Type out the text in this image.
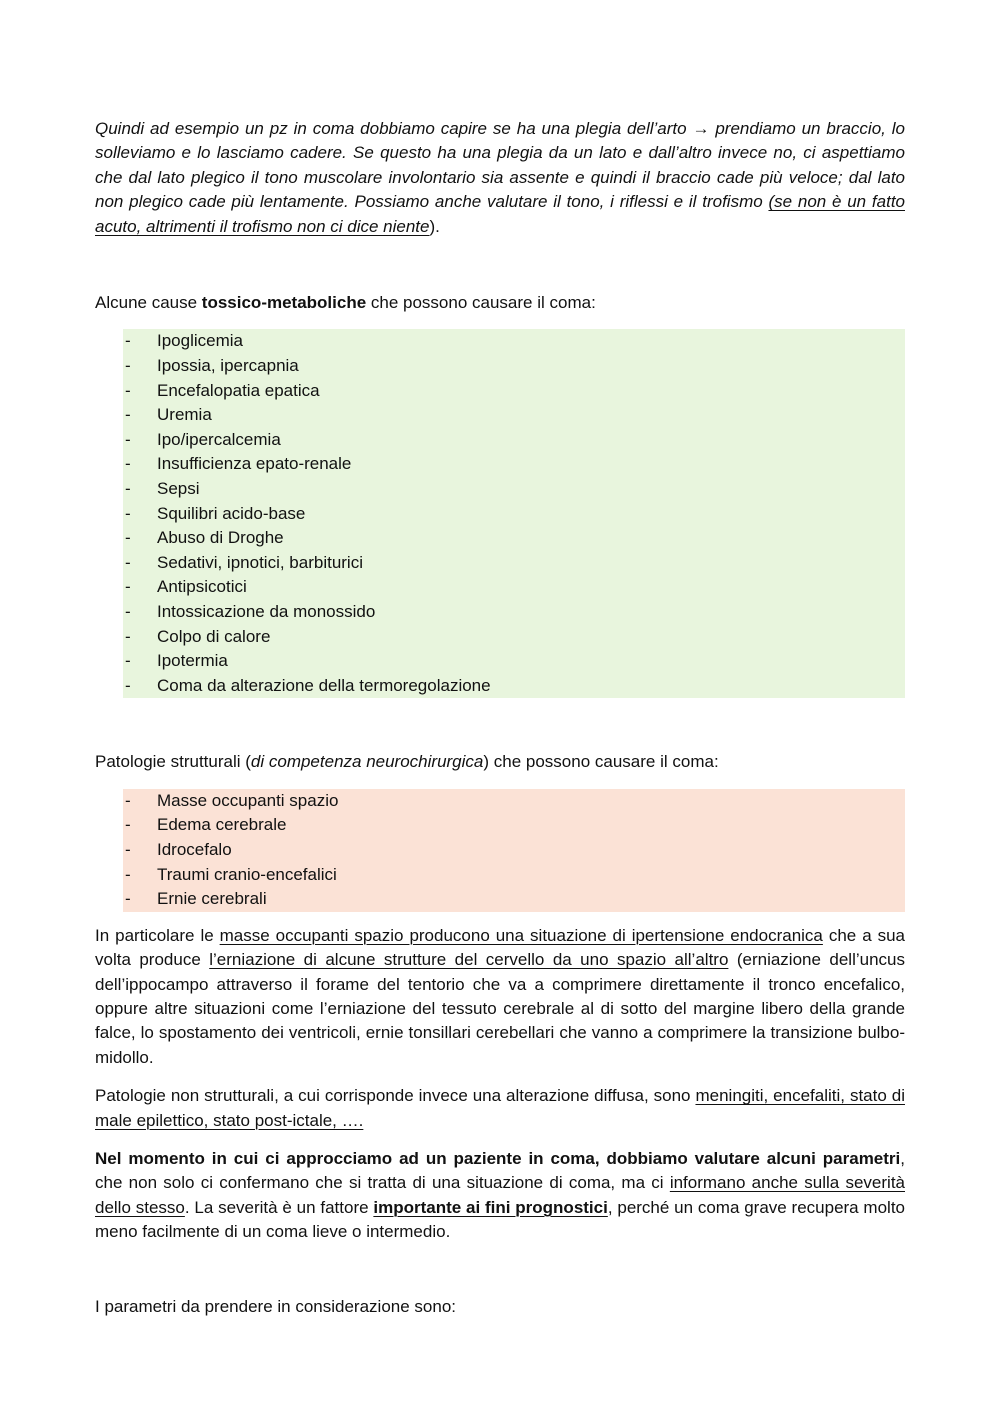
Quindi ad esempio un pz in coma dobbiamo capire se ha una plegia dell’arto → prendiamo un braccio, lo solleviamo e lo lasciamo cadere. Se questo ha una plegia da un lato e dall’altro invece no, ci aspettiamo che dal lato plegico il tono muscolare involontario sia assente e quindi il braccio cade più veloce; dal lato non plegico cade più lentamente. Possiamo anche valutare il tono, i riflessi e il trofismo (se non è un fatto acuto, altrimenti il trofismo non ci dice niente).

Alcune cause tossico-metaboliche che possono causare il coma:

-	Ipoglicemia
-	Ipossia, ipercapnia
-	Encefalopatia epatica
-	Uremia
-	Ipo/ipercalcemia
-	Insufficienza epato-renale
-	Sepsi
-	Squilibri acido-base
-	Abuso di Droghe
-	Sedativi, ipnotici, barbiturici
-	Antipsicotici
-	Intossicazione da monossido
-	Colpo di calore
-	Ipotermia
-	Coma da alterazione della termoregolazione

Patologie strutturali (di competenza neurochirurgica) che possono causare il coma:

-	Masse occupanti spazio
-	Edema cerebrale
-	Idrocefalo
-	Traumi cranio-encefalici
-	Ernie cerebrali

In particolare le masse occupanti spazio producono una situazione di ipertensione endocranica che a sua volta produce l’erniazione di alcune strutture del cervello da uno spazio all’altro (erniazione dell’uncus dell’ippocampo attraverso il forame del tentorio che va a comprimere direttamente il tronco encefalico, oppure altre situazioni come l’erniazione del tessuto cerebrale al di sotto del margine libero della grande falce, lo spostamento dei ventricoli, ernie tonsillari cerebellari che vanno a comprimere la transizione bulbo-midollo.

Patologie non strutturali, a cui corrisponde invece una alterazione diffusa, sono meningiti, encefaliti, stato di male epilettico, stato post-ictale, ….

Nel momento in cui ci approcciamo ad un paziente in coma, dobbiamo valutare alcuni parametri, che non solo ci confermano che si tratta di una situazione di coma, ma ci informano anche sulla severità dello stesso. La severità è un fattore importante ai fini prognostici, perché un coma grave recupera molto meno facilmente di un coma lieve o intermedio.

I parametri da prendere in considerazione sono:
